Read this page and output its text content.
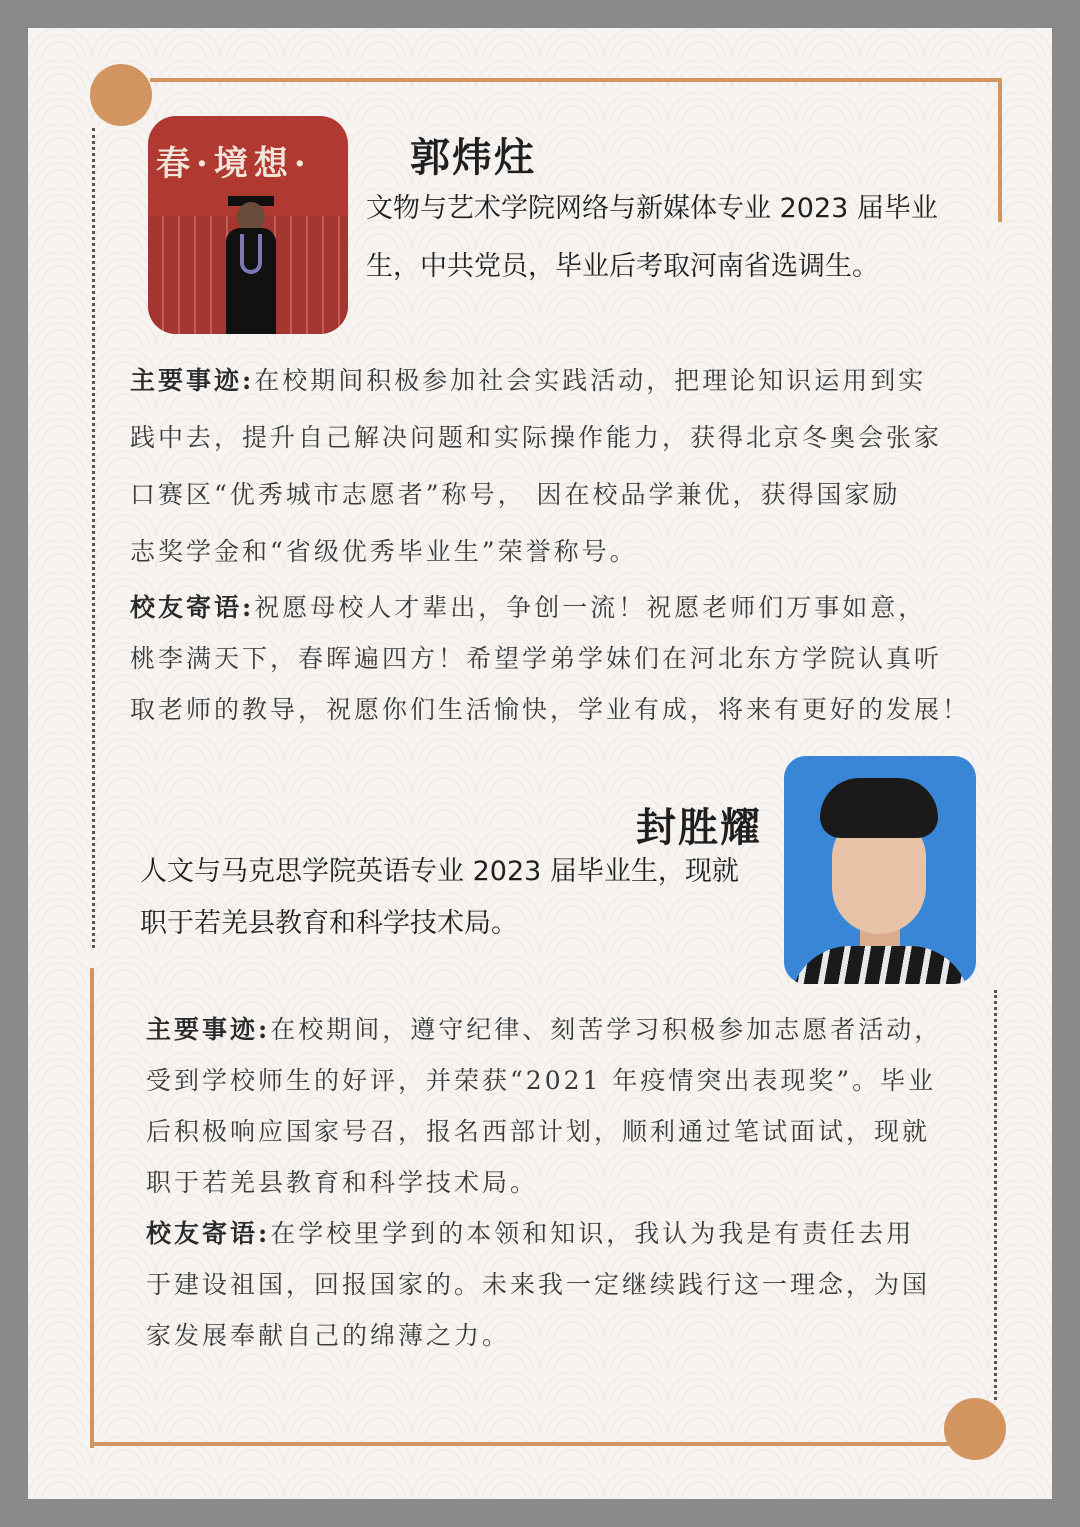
春·境想·	郭炜炷
文物与艺术学院网络与新媒体专业 2023 届毕业
生，中共党员，毕业后考取河南省选调生。
主要事迹:在校期间积极参加社会实践活动，把理论知识运用到实
践中去，提升自己解决问题和实际操作能力，获得北京冬奥会张家
口赛区“优秀城市志愿者”称号， 因在校品学兼优，获得国家励
志奖学金和“省级优秀毕业生”荣誉称号。
校友寄语:祝愿母校人才辈出，争创一流！祝愿老师们万事如意，
桃李满天下，春晖遍四方！希望学弟学妹们在河北东方学院认真听
取老师的教导，祝愿你们生活愉快，学业有成，将来有更好的发展！
封胜耀
人文与马克思学院英语专业 2023 届毕业生，现就
职于若羌县教育和科学技术局。
主要事迹:在校期间，遵守纪律、刻苦学习积极参加志愿者活动，
受到学校师生的好评，并荣获“2021 年疫情突出表现奖”。毕业
后积极响应国家号召，报名西部计划，顺利通过笔试面试，现就
职于若羌县教育和科学技术局。
校友寄语:在学校里学到的本领和知识，我认为我是有责任去用
于建设祖国，回报国家的。未来我一定继续践行这一理念，为国
家发展奉献自己的绵薄之力。
